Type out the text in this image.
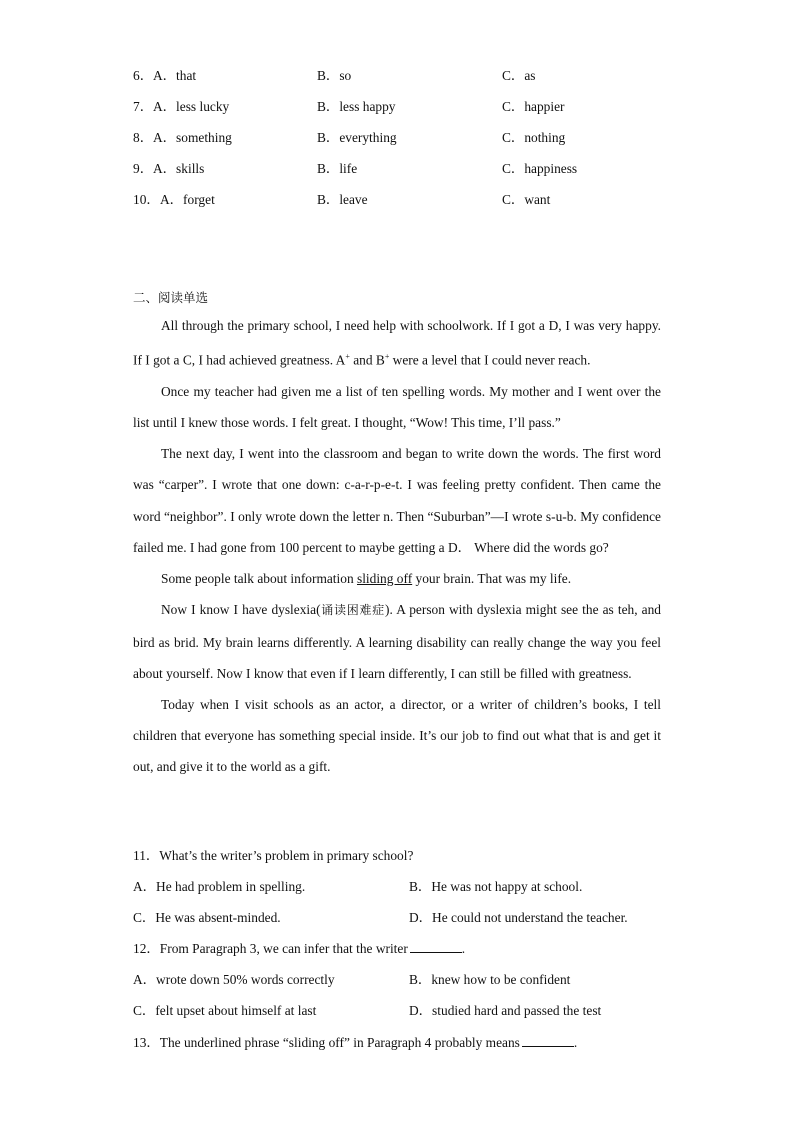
6． A．that	B．so	C．as
7． A．less lucky	B．less happy	C．happier
8． A．something	B．everything	C．nothing
9． A．skills	B．life	C．happiness
10． A．forget	B．leave	C．want
二、阅读单选

All through the primary school, I need help with schoolwork. If I got a D, I was very happy. If I got a C, I had achieved greatness. A+ and B+ were a level that I could never reach.

Once my teacher had given me a list of ten spelling words. My mother and I went over the list until I knew those words. I felt great. I thought, “Wow! This time, I’ll pass.”

The next day, I went into the classroom and began to write down the words. The first word was “carper”. I wrote that one down: c-a-r-p-e-t. I was feeling pretty confident. Then came the word “neighbor”. I only wrote down the letter n. Then “Suburban”—I wrote s-u-b. My confidence failed me. I had gone from 100 percent to maybe getting a D． Where did the words go?

Some people talk about information sliding off your brain. That was my life.

Now I know I have dyslexia(诵读困难症). A person with dyslexia might see the as teh, and bird as brid. My brain learns differently. A learning disability can really change the way you feel about yourself. Now I know that even if I learn differently, I can still be filled with greatness.

Today when I visit schools as an actor, a director, or a writer of children’s books, I tell children that everyone has something special inside. It’s our job to find out what that is and get it out, and give it to the world as a gift.

11．What’s the writer’s problem in primary school?
A．He had problem in spelling.	B．He was not happy at school.
C．He was absent-minded.	D．He could not understand the teacher.
12．From Paragraph 3, we can infer that the writer	.
A．wrote down 50% words correctly	B．knew how to be confident
C．felt upset about himself at last	D．studied hard and passed the test
13．The underlined phrase “sliding off” in Paragraph 4 probably means	.
